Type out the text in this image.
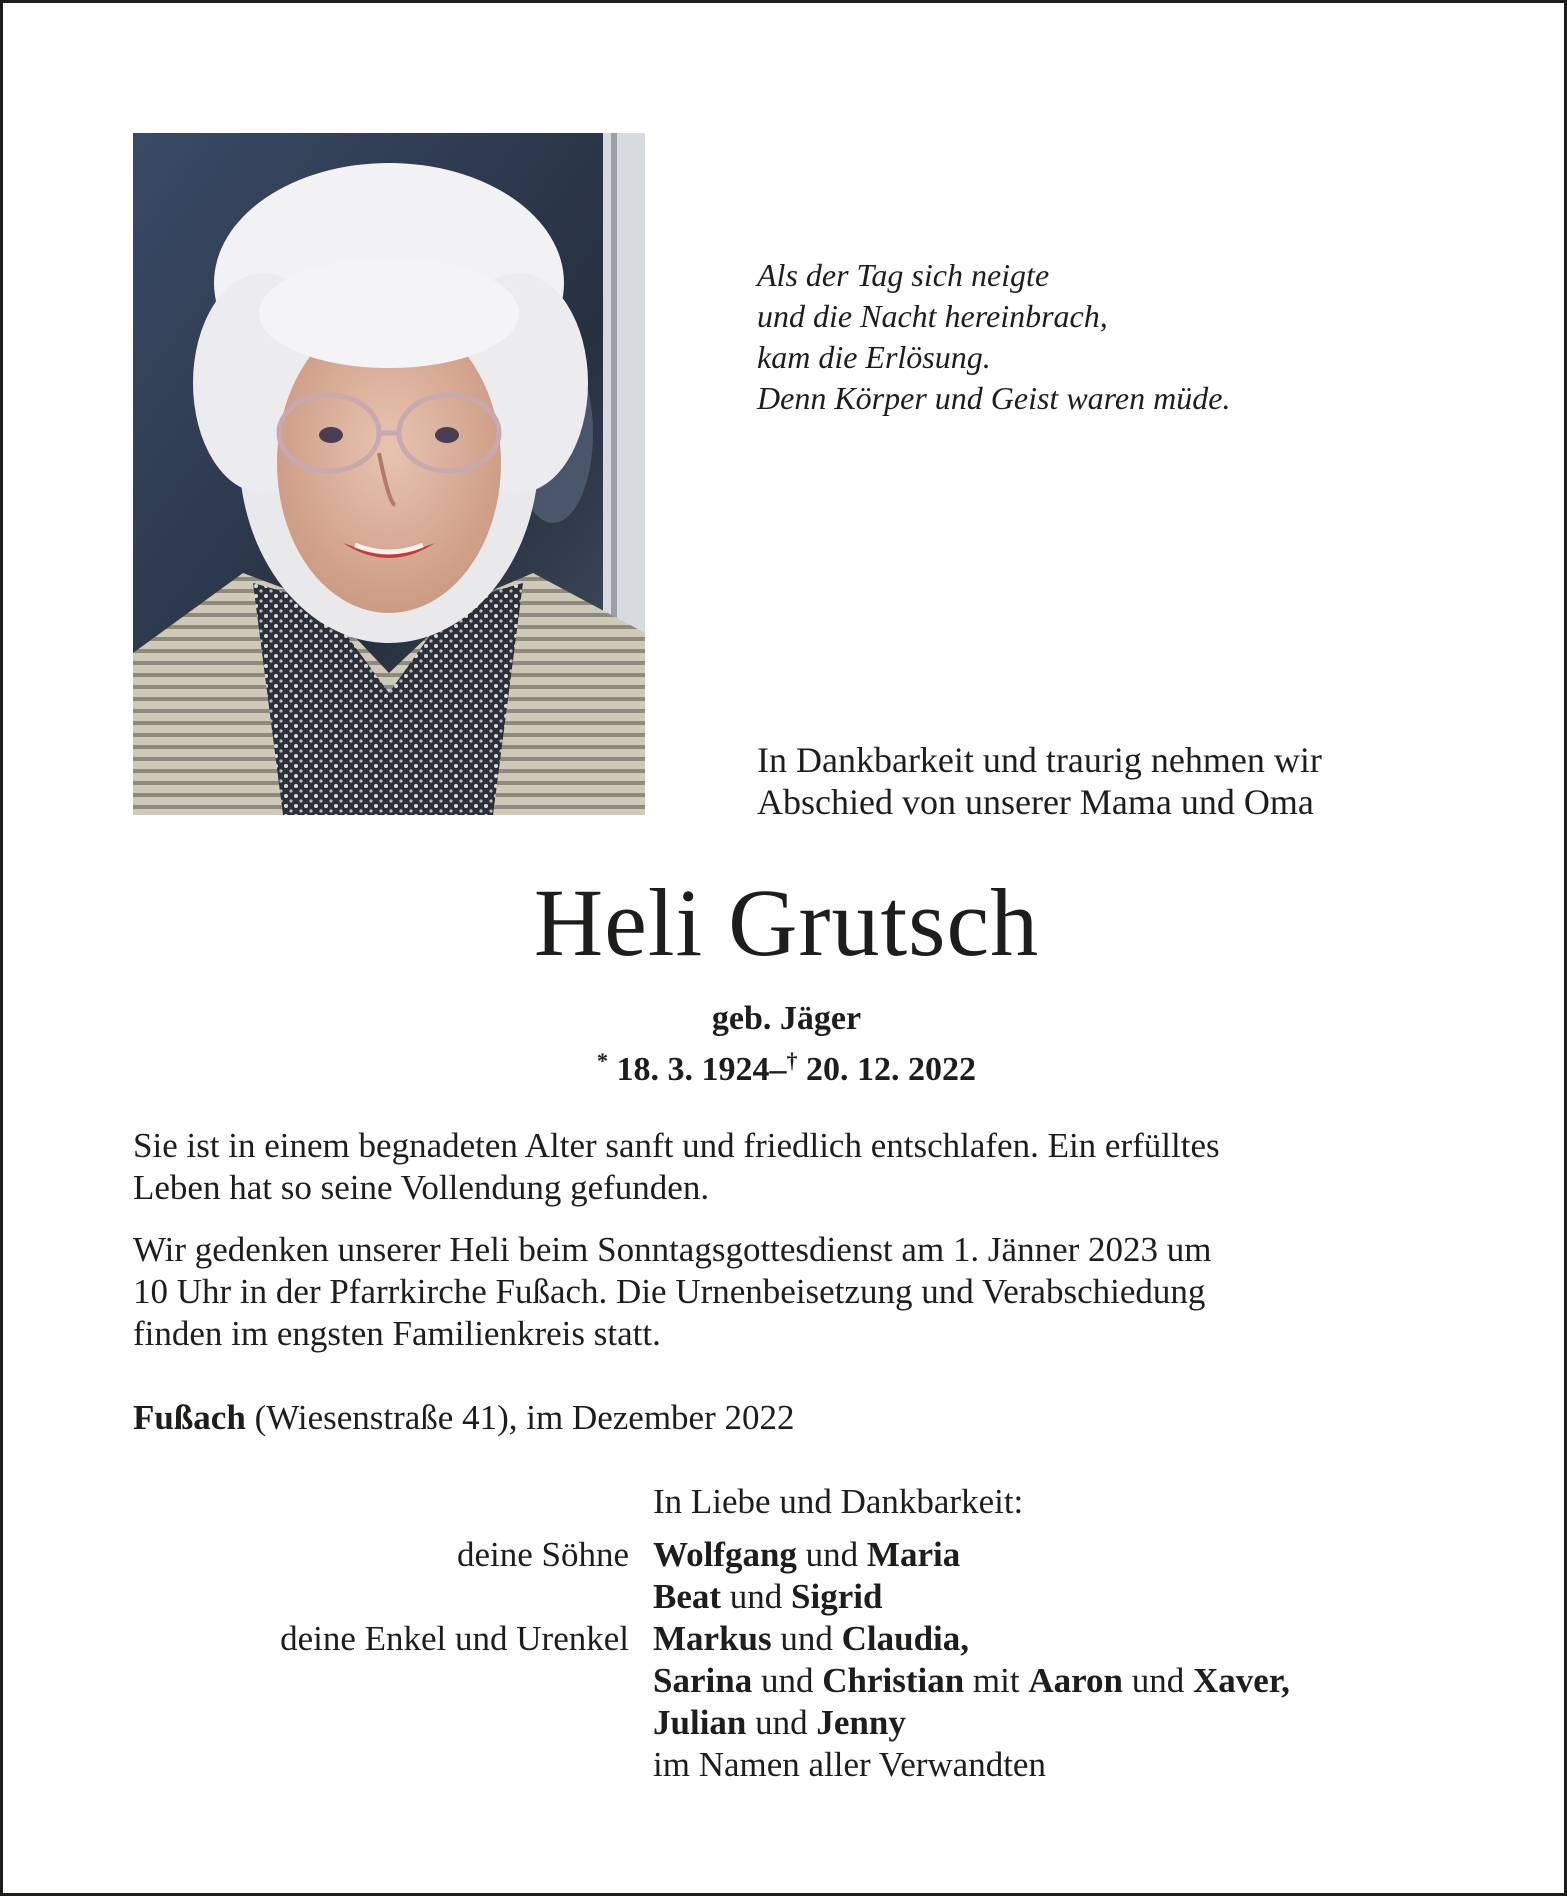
Als der Tag sich neigte
und die Nacht hereinbrach,
kam die Erlösung.
Denn Körper und Geist waren müde.
In Dankbarkeit und traurig nehmen wir
Abschied von unserer Mama und Oma
Heli Grutsch
geb. Jäger
* 18. 3. 1924–† 20. 12. 2022
Sie ist in einem begnadeten Alter sanft und friedlich entschlafen. Ein erfülltes
Leben hat so seine Vollendung gefunden.
Wir gedenken unserer Heli beim Sonntagsgottesdienst am 1. Jänner 2023 um
10 Uhr in der Pfarrkirche Fußach. Die Urnenbeisetzung und Verabschiedung
finden im engsten Familienkreis statt.
Fußach (Wiesenstraße 41), im Dezember 2022
In Liebe und Dankbarkeit:
deine Söhne
deine Enkel und Urenkel
Wolfgang und Maria
Beat und Sigrid
Markus und Claudia,
Sarina und Christian mit Aaron und Xaver,
Julian und Jenny
im Namen aller Verwandten
